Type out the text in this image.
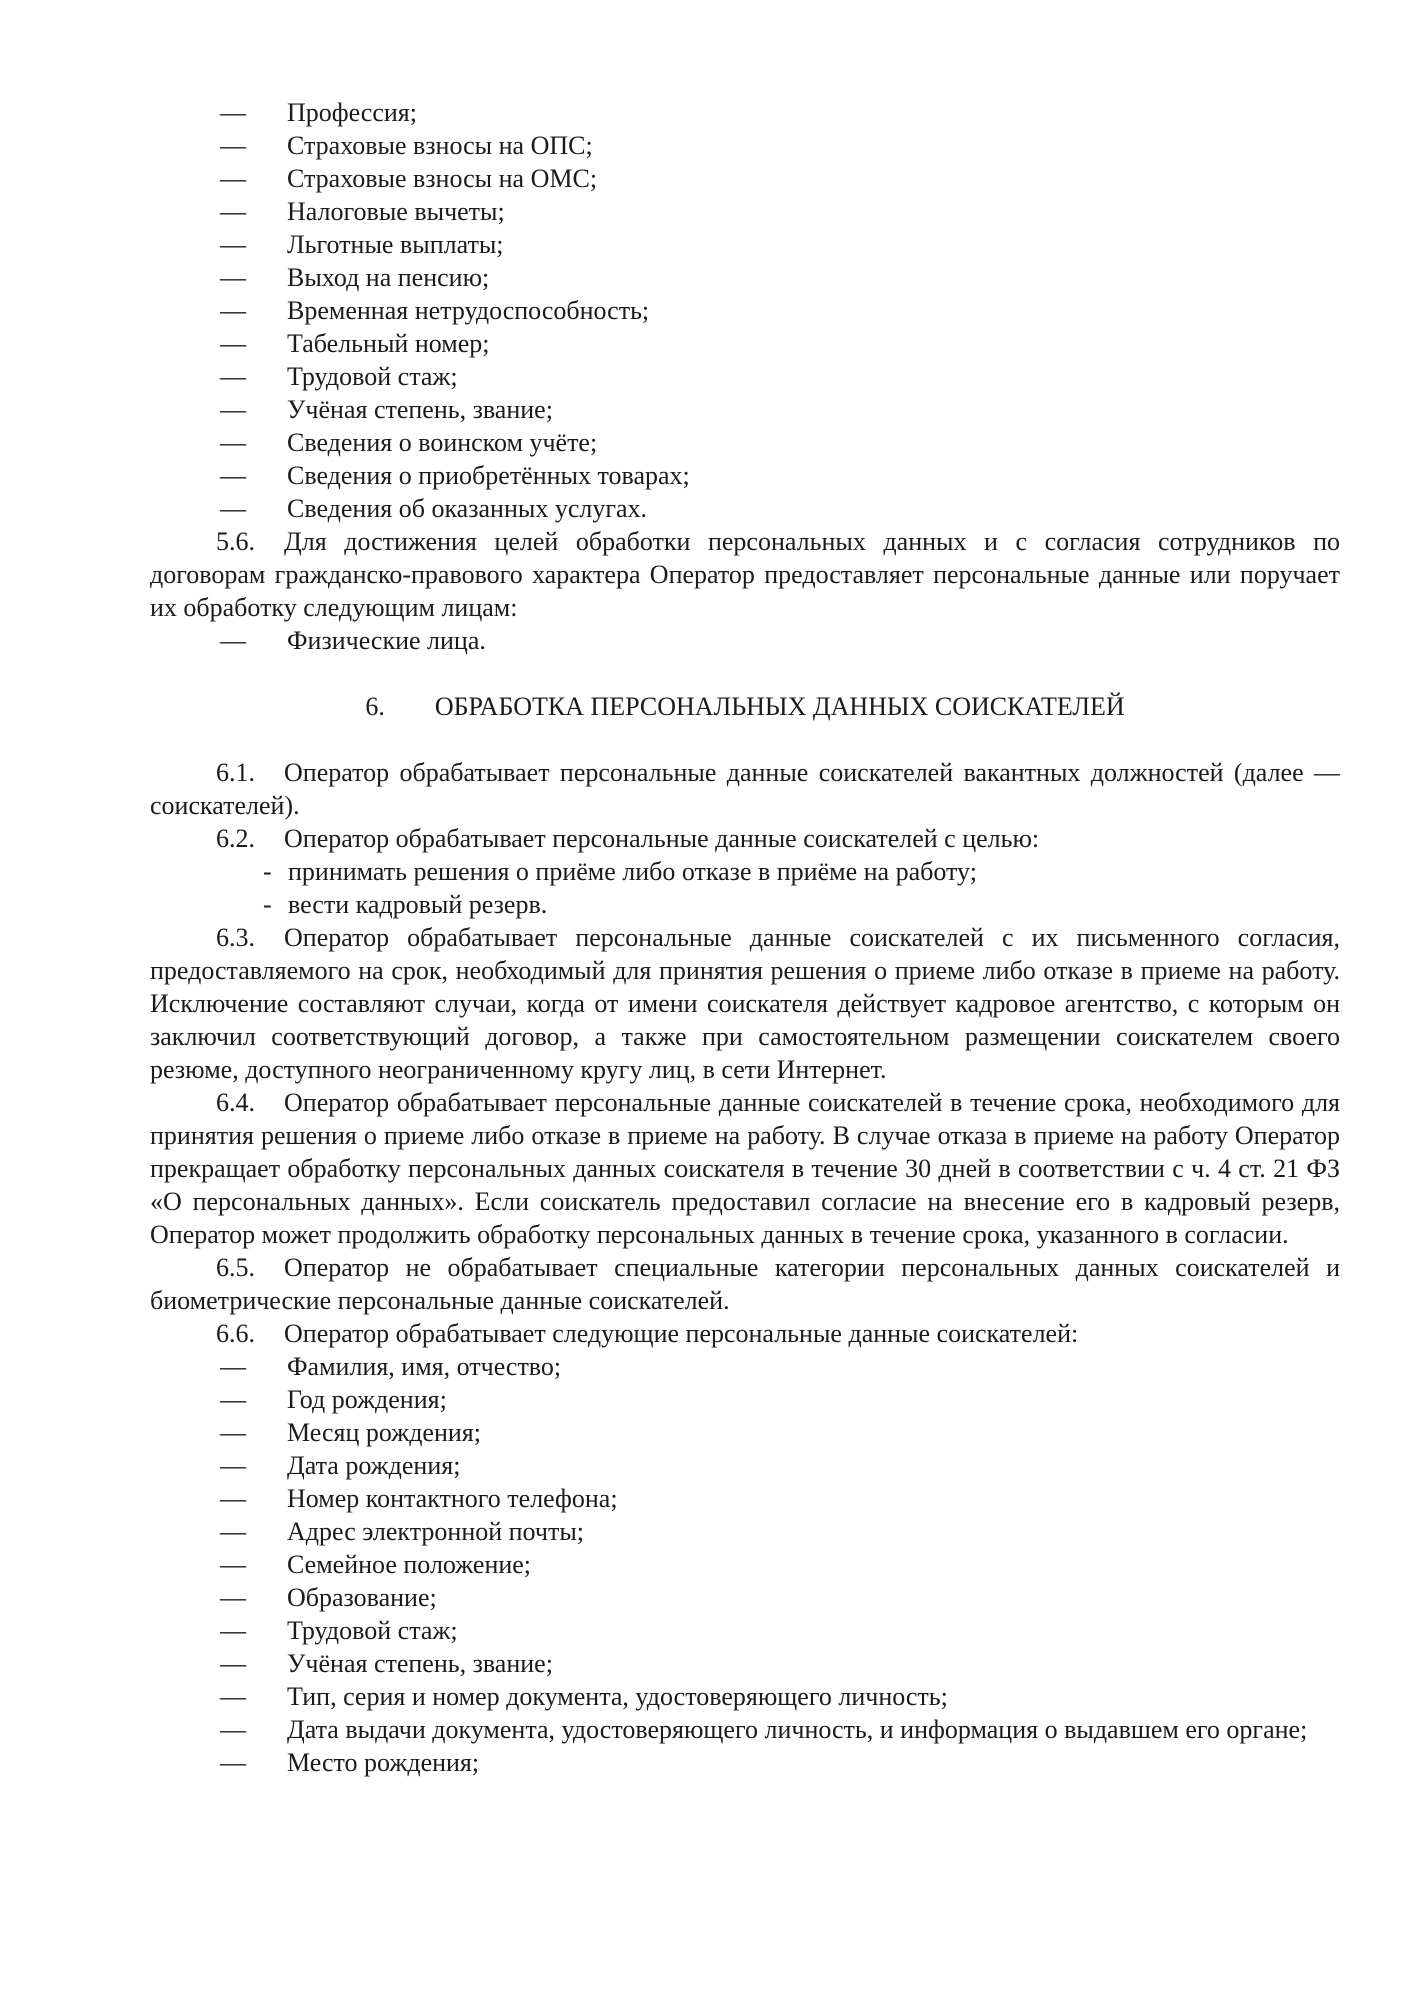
— Профессия;

— Страховые взносы на ОПС;

— Страховые взносы на ОМС;

— Налоговые вычеты;

— Льготные выплаты;

— Выход на пенсию;

— Временная нетрудоспособность;

— Табельный номер;

— Трудовой стаж;

— Учёная степень, звание;

— Сведения о воинском учёте;

— Сведения о приобретённых товарах;

— Сведения об оказанных услугах.

5.6. Для достижения целей обработки персональных данных и с согласия сотрудников по договорам гражданско-правового характера Оператор предоставляет персональные данные или поручает их обработку следующим лицам:

— Физические лица.

6. ОБРАБОТКА ПЕРСОНАЛЬНЫХ ДАННЫХ СОИСКАТЕЛЕЙ

6.1. Оператор обрабатывает персональные данные соискателей вакантных должностей (далее — соискателей).

6.2. Оператор обрабатывает персональные данные соискателей с целью:

- принимать решения о приёме либо отказе в приёме на работу;

- вести кадровый резерв.

6.3. Оператор обрабатывает персональные данные соискателей с их письменного согласия, предоставляемого на срок, необходимый для принятия решения о приеме либо отказе в приеме на работу. Исключение составляют случаи, когда от имени соискателя действует кадровое агентство, с которым он заключил соответствующий договор, а также при самостоятельном размещении соискателем своего резюме, доступного неограниченному кругу лиц, в сети Интернет.

6.4. Оператор обрабатывает персональные данные соискателей в течение срока, необходимого для принятия решения о приеме либо отказе в приеме на работу. В случае отказа в приеме на работу Оператор прекращает обработку персональных данных соискателя в течение 30 дней в соответствии с ч. 4 ст. 21 ФЗ «О персональных данных». Если соискатель предоставил согласие на внесение его в кадровый резерв, Оператор может продолжить обработку персональных данных в течение срока, указанного в согласии.

6.5. Оператор не обрабатывает специальные категории персональных данных соискателей и биометрические персональные данные соискателей.

6.6. Оператор обрабатывает следующие персональные данные соискателей:

— Фамилия, имя, отчество;

— Год рождения;

— Месяц рождения;

— Дата рождения;

— Номер контактного телефона;

— Адрес электронной почты;

— Семейное положение;

— Образование;

— Трудовой стаж;

— Учёная степень, звание;

— Тип, серия и номер документа, удостоверяющего личность;

— Дата выдачи документа, удостоверяющего личность, и информация о выдавшем его органе;

— Место рождения;
